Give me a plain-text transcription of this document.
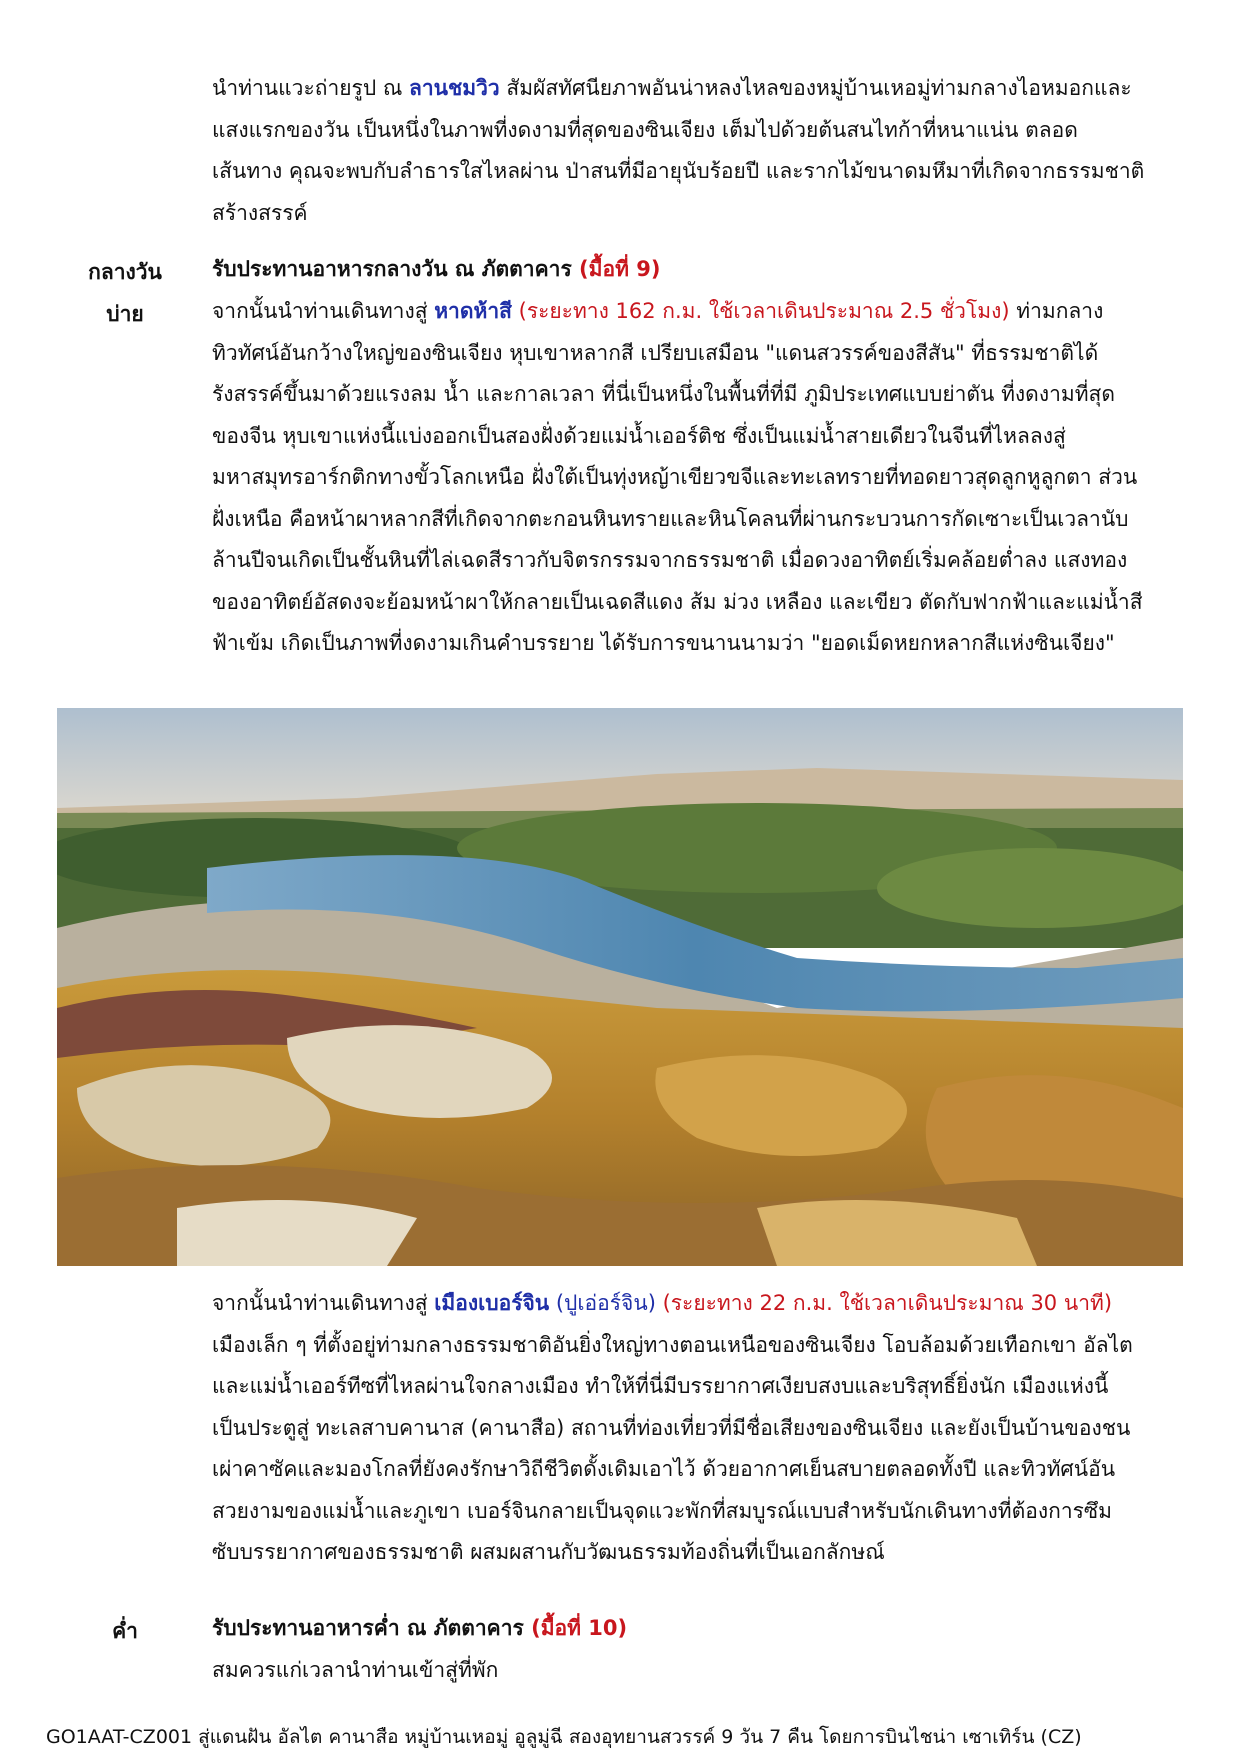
นำท่านแวะถ่ายรูป ณ ลานชมวิว สัมผัสทัศนียภาพอันน่าหลงไหลของหมู่บ้านเหอมู่ท่ามกลางไอหมอกและ
แสงแรกของวัน เป็นหนึ่งในภาพที่งดงามที่สุดของซินเจียง เต็มไปด้วยต้นสนไทก้าที่หนาแน่น ตลอด
เส้นทาง คุณจะพบกับลำธารใสไหลผ่าน ป่าสนที่มีอายุนับร้อยปี และรากไม้ขนาดมหึมาที่เกิดจากธรรมชาติ
สร้างสรรค์
กลางวัน	รับประทานอาหารกลางวัน ณ ภัตตาคาร (มื้อที่ 9)
บ่าย	จากนั้นนำท่านเดินทางสู่ หาดห้าสี (ระยะทาง 162 ก.ม. ใช้เวลาเดินประมาณ 2.5 ชั่วโมง) ท่ามกลาง
ทิวทัศน์อันกว้างใหญ่ของซินเจียง หุบเขาหลากสี เปรียบเสมือน "แดนสวรรค์ของสีสัน" ที่ธรรมชาติได้
รังสรรค์ขึ้นมาด้วยแรงลม น้ำ และกาลเวลา ที่นี่เป็นหนึ่งในพื้นที่ที่มี ภูมิประเทศแบบย่าตัน ที่งดงามที่สุด
ของจีน หุบเขาแห่งนี้แบ่งออกเป็นสองฝั่งด้วยแม่น้ำเออร์ติช ซึ่งเป็นแม่น้ำสายเดียวในจีนที่ไหลลงสู่
มหาสมุทรอาร์กติกทางขั้วโลกเหนือ ฝั่งใต้เป็นทุ่งหญ้าเขียวขจีและทะเลทรายที่ทอดยาวสุดลูกหูลูกตา ส่วน
ฝั่งเหนือ คือหน้าผาหลากสีที่เกิดจากตะกอนหินทรายและหินโคลนที่ผ่านกระบวนการกัดเซาะเป็นเวลานับ
ล้านปีจนเกิดเป็นชั้นหินที่ไล่เฉดสีราวกับจิตรกรรมจากธรรมชาติ เมื่อดวงอาทิตย์เริ่มคล้อยต่ำลง แสงทอง
ของอาทิตย์อัสดงจะย้อมหน้าผาให้กลายเป็นเฉดสีแดง ส้ม ม่วง เหลือง และเขียว ตัดกับฟากฟ้าและแม่น้ำสี
ฟ้าเข้ม เกิดเป็นภาพที่งดงามเกินคำบรรยาย ได้รับการขนานนามว่า "ยอดเม็ดหยกหลากสีแห่งซินเจียง"
จากนั้นนำท่านเดินทางสู่ เมืองเบอร์จิน (ปูเอ่อร์จิน) (ระยะทาง 22 ก.ม. ใช้เวลาเดินประมาณ 30 นาที)
เมืองเล็ก ๆ ที่ตั้งอยู่ท่ามกลางธรรมชาติอันยิ่งใหญ่ทางตอนเหนือของซินเจียง โอบล้อมด้วยเทือกเขา อัลไต
และแม่น้ำเออร์ทีซที่ไหลผ่านใจกลางเมือง ทำให้ที่นี่มีบรรยากาศเงียบสงบและบริสุทธิ์ยิ่งนัก เมืองแห่งนี้
เป็นประตูสู่ ทะเลสาบคานาส (คานาสือ) สถานที่ท่องเที่ยวที่มีชื่อเสียงของซินเจียง และยังเป็นบ้านของชน
เผ่าคาซัคและมองโกลที่ยังคงรักษาวิถีชีวิตดั้งเดิมเอาไว้ ด้วยอากาศเย็นสบายตลอดทั้งปี และทิวทัศน์อัน
สวยงามของแม่น้ำและภูเขา เบอร์จินกลายเป็นจุดแวะพักที่สมบูรณ์แบบสำหรับนักเดินทางที่ต้องการซึม
ซับบรรยากาศของธรรมชาติ ผสมผสานกับวัฒนธรรมท้องถิ่นที่เป็นเอกลักษณ์
ค่ำ	รับประทานอาหารค่ำ ณ ภัตตาคาร (มื้อที่ 10)
สมควรแก่เวลานำท่านเข้าสู่ที่พัก
GO1AAT-CZ001 สู่แดนฝัน อัลไต คานาสือ หมู่บ้านเหอมู่ อูลูมู่ฉี สองอุทยานสวรรค์ 9 วัน 7 คืน โดยการบินไชน่า เซาเทิร์น (CZ)
